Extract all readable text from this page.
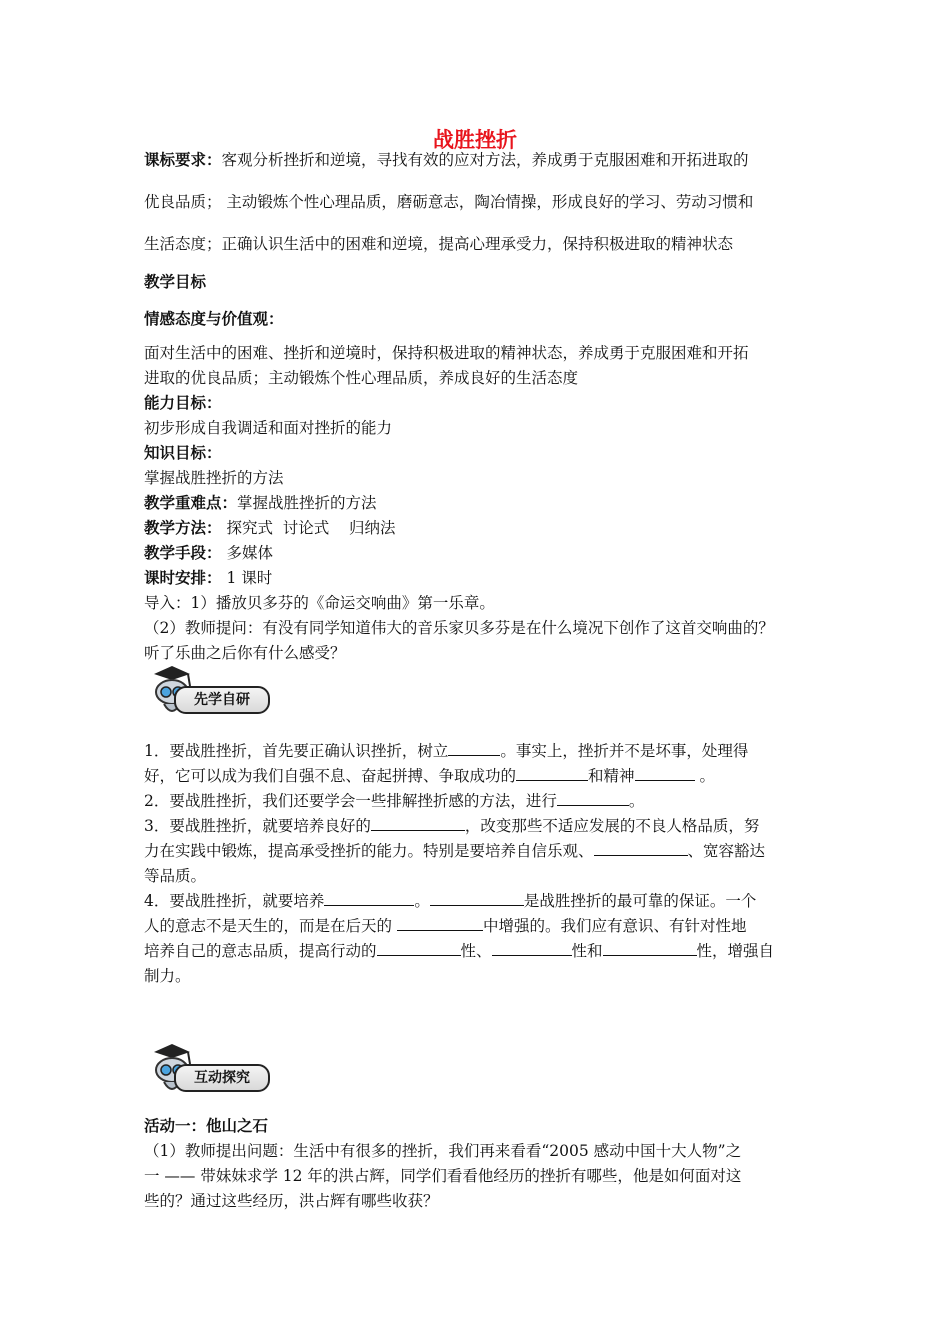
战胜挫折
课标要求：客观分析挫折和逆境，寻找有效的应对方法，养成勇于克服困难和开拓进取的
优良品质； 主动锻炼个性心理品质，磨砺意志，陶冶情操，形成良好的学习、劳动习惯和
生活态度；正确认识生活中的困难和逆境，提高心理承受力，保持积极进取的精神状态
教学目标
情感态度与价值观：
面对生活中的困难、挫折和逆境时，保持积极进取的精神状态，养成勇于克服困难和开拓
进取的优良品质；主动锻炼个性心理品质，养成良好的生活态度
能力目标：
初步形成自我调适和面对挫折的能力
知识目标：
掌握战胜挫折的方法
教学重难点：掌握战胜挫折的方法
教学方法： 探究式  讨论式    归纳法
教学手段： 多媒体
课时安排： 1 课时
导入：1）播放贝多芬的《命运交响曲》第一乐章。
（2）教师提问：有没有同学知道伟大的音乐家贝多芬是在什么境况下创作了这首交响曲的？
听了乐曲之后你有什么感受？
先学自研
1．要战胜挫折，首先要正确认识挫折，树立	。事实上，挫折并不是坏事，处理得
好，它可以成为我们自强不息、奋起拼搏、争取成功的	和精神	。
2．要战胜挫折，我们还要学会一些排解挫折感的方法，进行	。
3．要战胜挫折，就要培养良好的	，改变那些不适应发展的不良人格品质，努
力在实践中锻炼，提高承受挫折的能力。特别是要培养自信乐观、	、宽容豁达
等品质。
4．要战胜挫折，就要培养	。	是战胜挫折的最可靠的保证。一个
人的意志不是天生的，而是在后天的	中增强的。我们应有意识、有针对性地
培养自己的意志品质，提高行动的	性、	性和	性，增强自
制力。
互动探究
活动一：他山之石
（1）教师提出问题：生活中有很多的挫折，我们再来看看“2005 感动中国十大人物”之
一 —— 带妹妹求学 12 年的洪占辉，同学们看看他经历的挫折有哪些，他是如何面对这
些的？通过这些经历，洪占辉有哪些收获？
